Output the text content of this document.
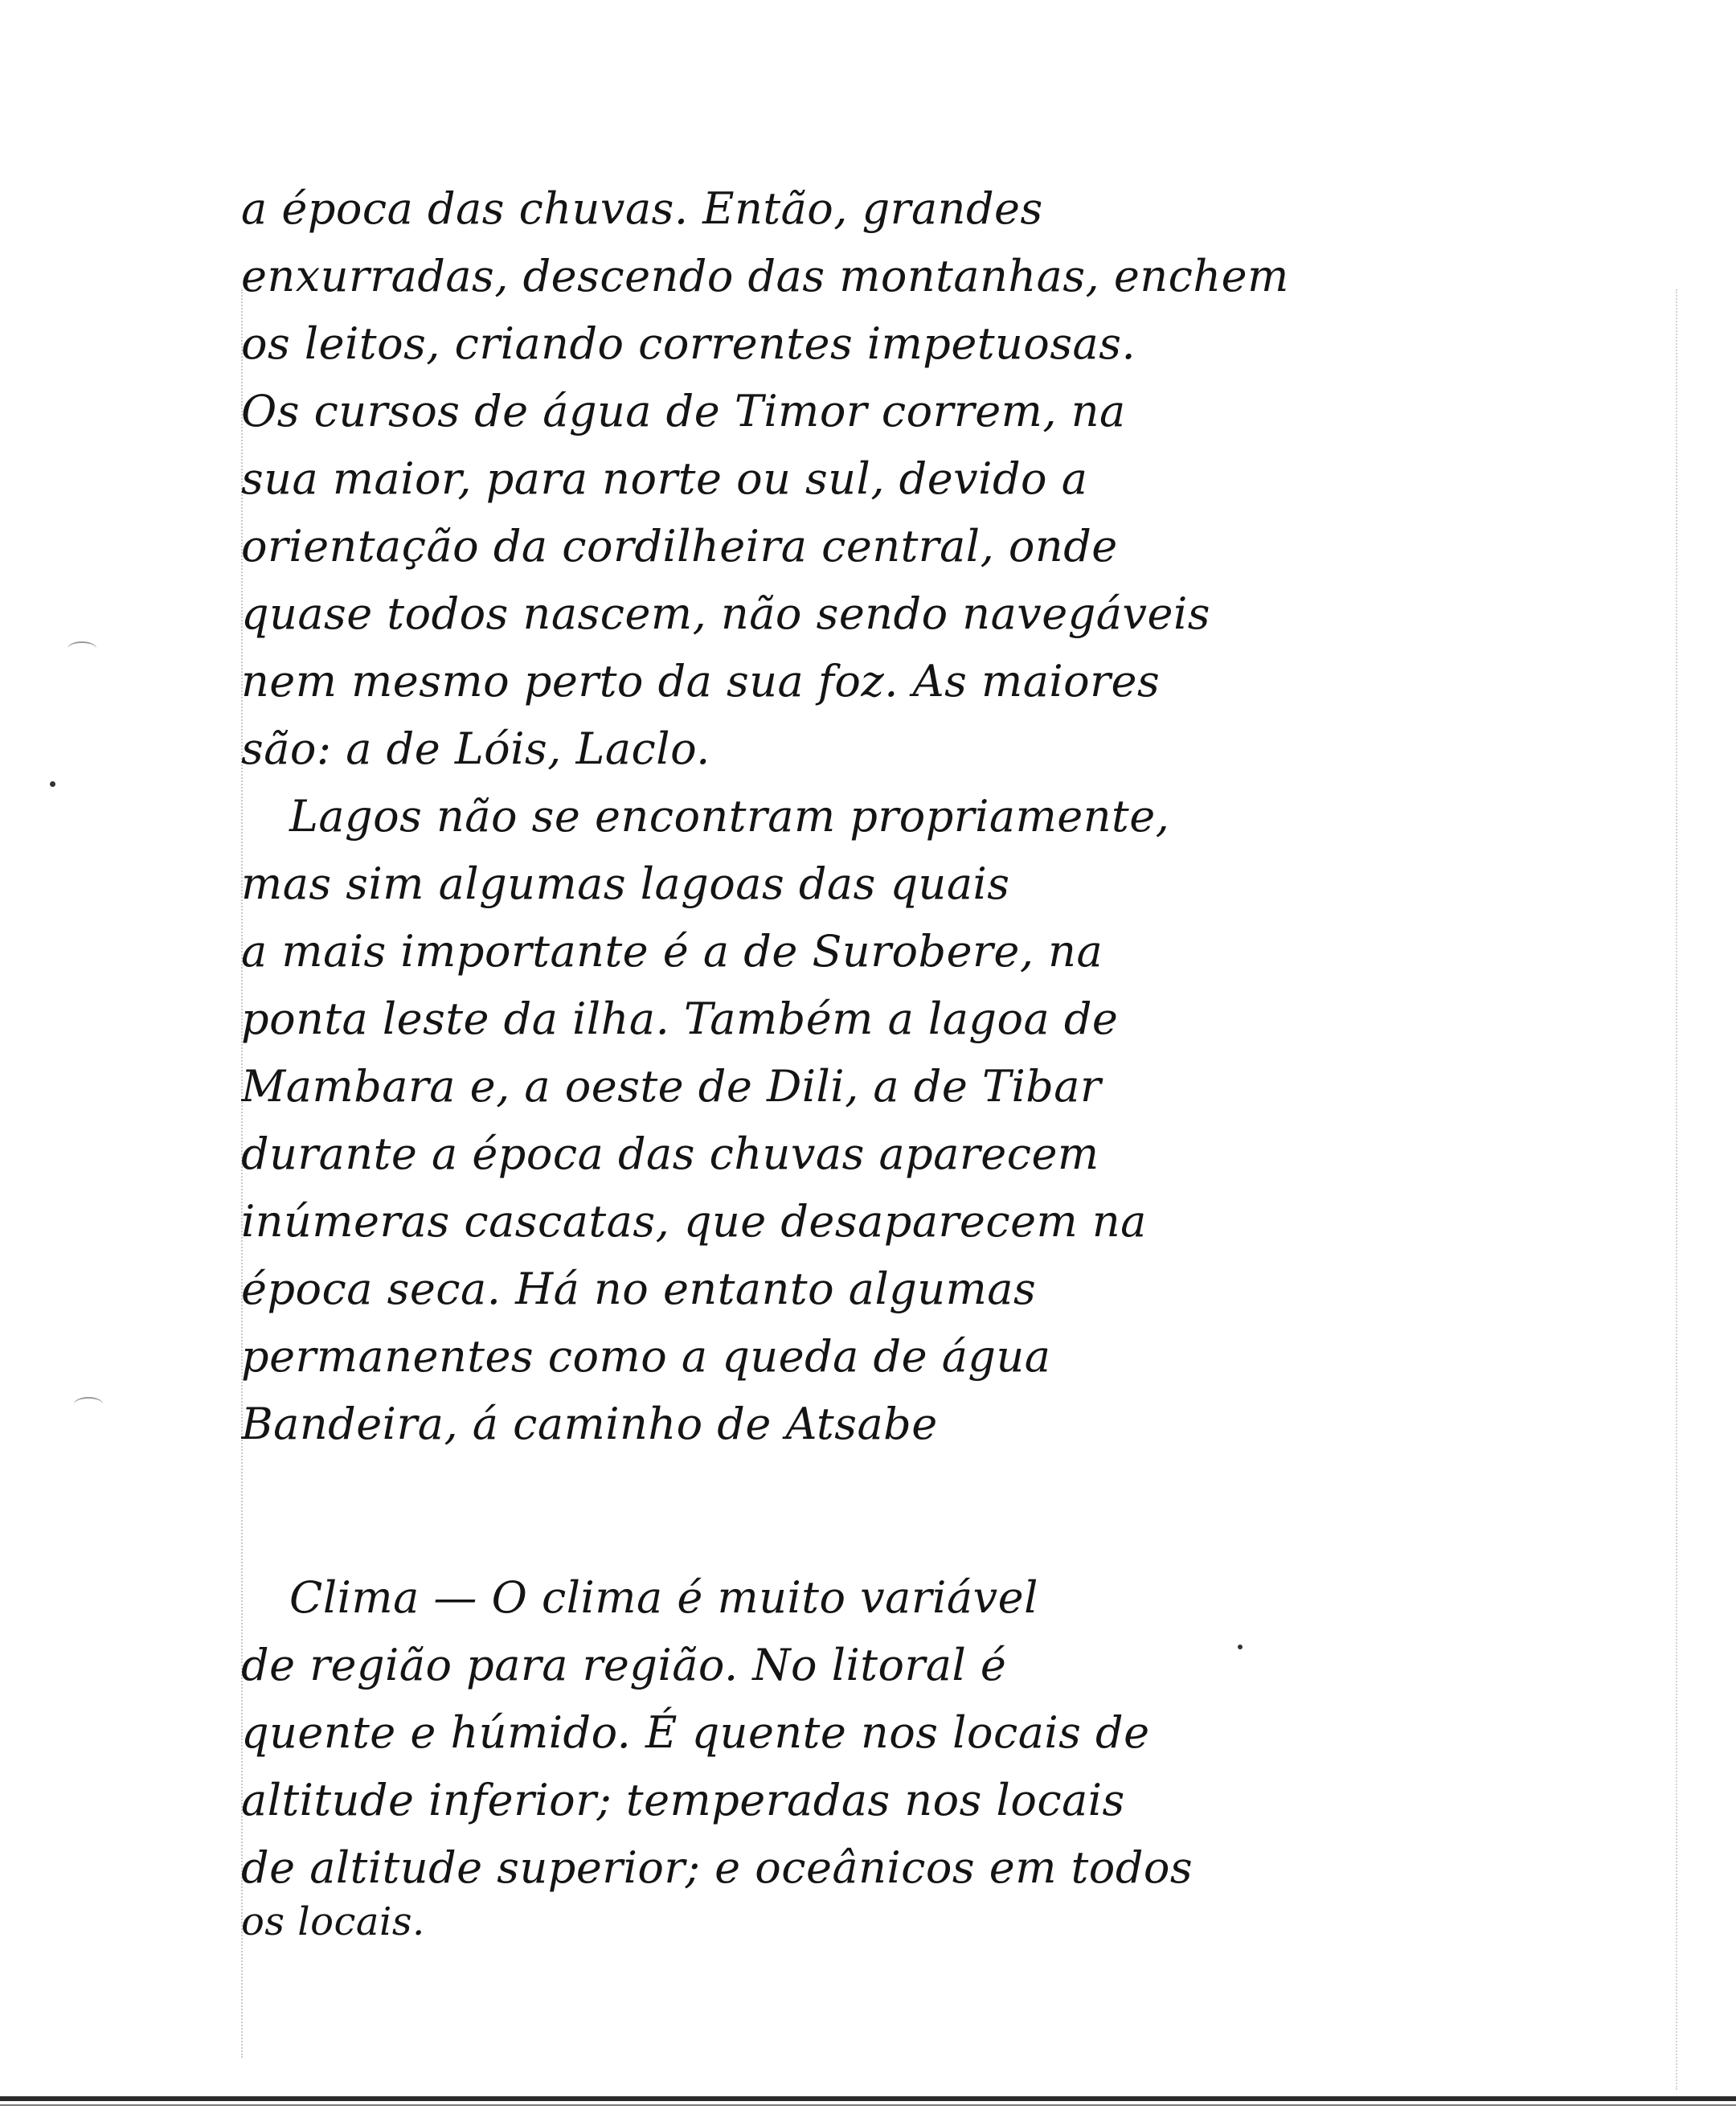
a época das chuvas. Então, grandes
enxurradas, descendo das montanhas, enchem
os leitos, criando correntes impetuosas.
Os cursos de água de Timor correm, na
sua maior, para norte ou sul, devido a
orientação da cordilheira central, onde
quase todos nascem, não sendo navegáveis
nem mesmo perto da sua foz. As maiores
são: a de Lóis, Laclo.
Lagos não se encontram propriamente,
mas sim algumas lagoas das quais
a mais importante é a de Surobere, na
ponta leste da ilha. Também a lagoa de
Mambara e, a oeste de Dili, a de Tibar
durante a época das chuvas aparecem
inúmeras cascatas, que desaparecem na
época seca. Há no entanto algumas
permanentes como a queda de água
Bandeira, á caminho de Atsabe
Clima — O clima é muito variável
de região para região. No litoral é
quente e húmido. É quente nos locais de
altitude inferior; temperadas nos locais
de altitude superior; e oceânicos em todos
os locais.
